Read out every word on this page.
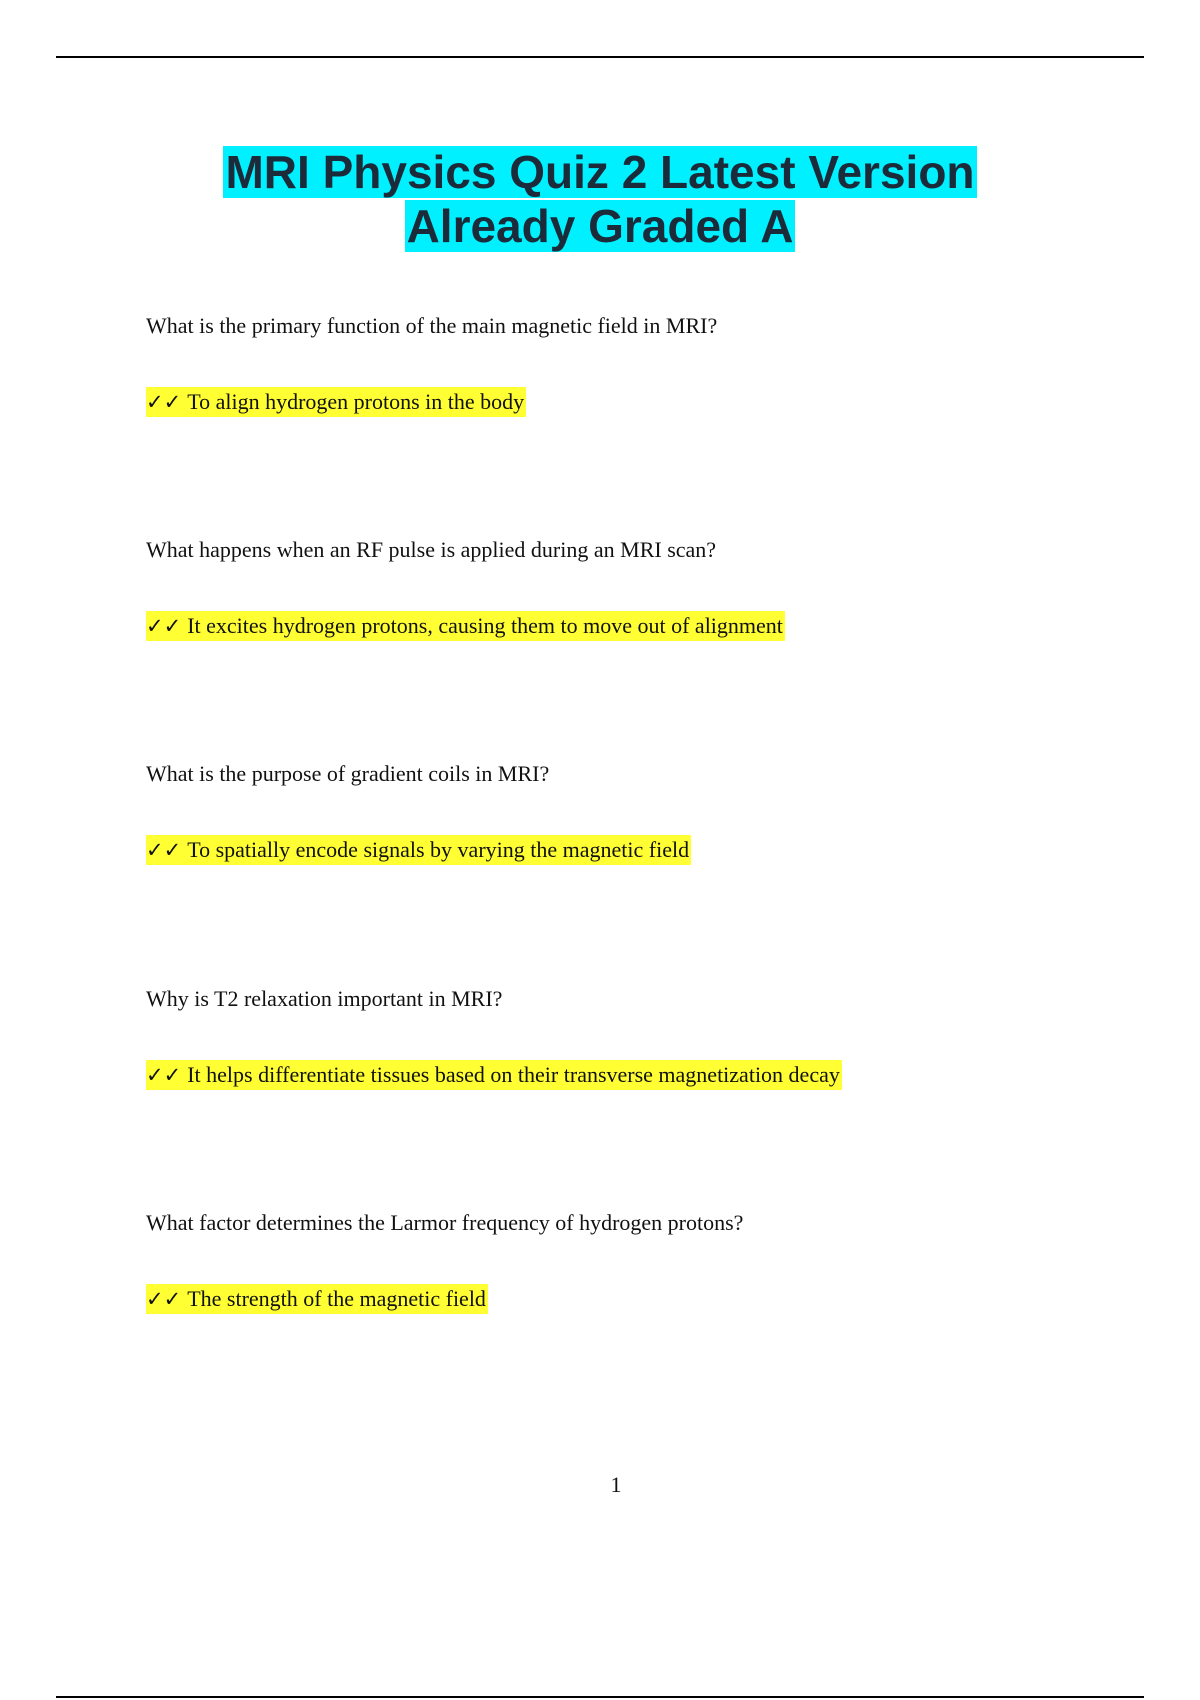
MRI Physics Quiz 2 Latest Version
Already Graded A
What is the primary function of the main magnetic field in MRI?
✓✓ To align hydrogen protons in the body
What happens when an RF pulse is applied during an MRI scan?
✓✓ It excites hydrogen protons, causing them to move out of alignment
What is the purpose of gradient coils in MRI?
✓✓ To spatially encode signals by varying the magnetic field
Why is T2 relaxation important in MRI?
✓✓ It helps differentiate tissues based on their transverse magnetization decay
What factor determines the Larmor frequency of hydrogen protons?
✓✓ The strength of the magnetic field
1
